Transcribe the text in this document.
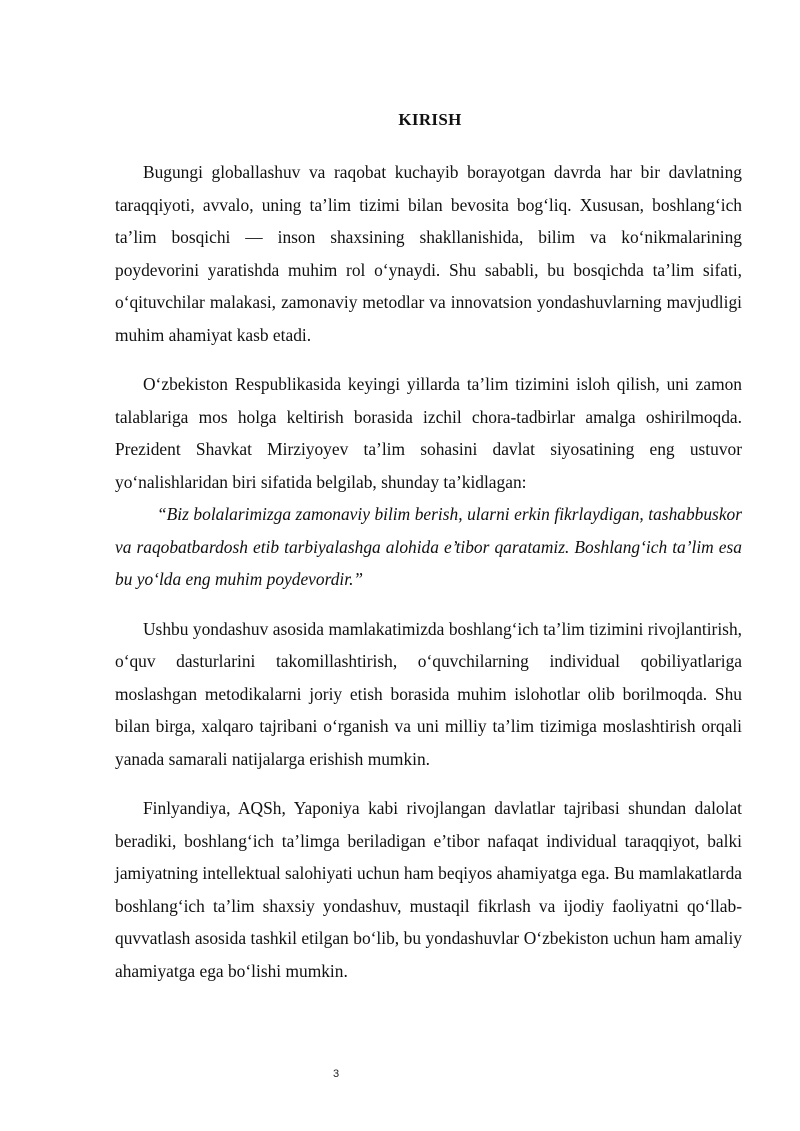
KIRISH

Bugungi globallashuv va raqobat kuchayib borayotgan davrda har bir davlatning taraqqiyoti, avvalo, uning ta’lim tizimi bilan bevosita bog‘liq. Xususan, boshlang‘ich ta’lim bosqichi — inson shaxsining shakllanishida, bilim va ko‘nikmalarining poydevorini yaratishda muhim rol o‘ynaydi. Shu sababli, bu bosqichda ta’lim sifati, o‘qituvchilar malakasi, zamonaviy metodlar va innovatsion yondashuvlarning mavjudligi muhim ahamiyat kasb etadi.

O‘zbekiston Respublikasida keyingi yillarda ta’lim tizimini isloh qilish, uni zamon talablariga mos holga keltirish borasida izchil chora-tadbirlar amalga oshirilmoqda. Prezident Shavkat Mirziyoyev ta’lim sohasini davlat siyosatining eng ustuvor yo‘nalishlaridan biri sifatida belgilab, shunday ta’kidlagan:

“Biz bolalarimizga zamonaviy bilim berish, ularni erkin fikrlaydigan, tashabbuskor va raqobatbardosh etib tarbiyalashga alohida e’tibor qaratamiz. Boshlang‘ich ta’lim esa bu yo‘lda eng muhim poydevordir.”

Ushbu yondashuv asosida mamlakatimizda boshlang‘ich ta’lim tizimini rivojlantirish, o‘quv dasturlarini takomillashtirish, o‘quvchilarning individual qobiliyatlariga moslashgan metodikalarni joriy etish borasida muhim islohotlar olib borilmoqda. Shu bilan birga, xalqaro tajribani o‘rganish va uni milliy ta’lim tizimiga moslashtirish orqali yanada samarali natijalarga erishish mumkin.

Finlyandiya, AQSh, Yaponiya kabi rivojlangan davlatlar tajribasi shundan dalolat beradiki, boshlang‘ich ta’limga beriladigan e’tibor nafaqat individual taraqqiyot, balki jamiyatning intellektual salohiyati uchun ham beqiyos ahamiyatga ega. Bu mamlakatlarda boshlang‘ich ta’lim shaxsiy yondashuv, mustaqil fikrlash va ijodiy faoliyatni qo‘llab-quvvatlash asosida tashkil etilgan bo‘lib, bu yondashuvlar O‘zbekiston uchun ham amaliy ahamiyatga ega bo‘lishi mumkin.

3
